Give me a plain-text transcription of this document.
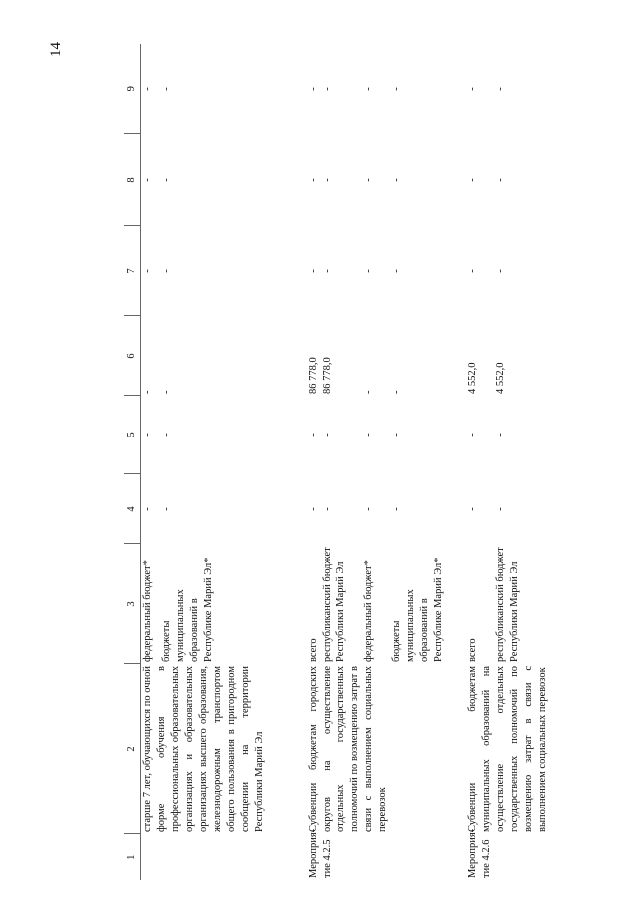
14
1	2	3	4	5	6	7	8	9

	старше 7 лет, обучающихся по очной форме обучения в профессиональных образовательных организациях и образовательных организациях высшего образования, железнодорожным транспортом общего пользования в пригородном сообщении на территории Республики Марий Эл	федеральный бюджет*	-	-	-	-	-	-
		бюджеты муниципальных образований в Республике Марий Эл*	-	-	-	-	-	-

Мероприя-тие 4.2.5	Субвенции бюджетам городских округов на осуществление отдельных государственных полномочий по возмещению затрат в связи с выполнением социальных перевозок	всего	-	-	86 778,0	-	-	-
		республиканский бюджет Республики Марий Эл	-	-	86 778,0	-	-	-
		федеральный бюджет*	-	-	-	-	-	-
		бюджеты муниципальных образований в Республике Марий Эл*	-	-	-	-	-	-

Мероприя-тие 4.2.6	Субвенции бюджетам муниципальных образований на осуществление отдельных государственных полномочий по возмещению затрат в связи с выполнением социальных перевозок	всего	-	-	4 552,0	-	-	-
		республиканский бюджет Республики Марий Эл	-	-	4 552,0	-	-	-
